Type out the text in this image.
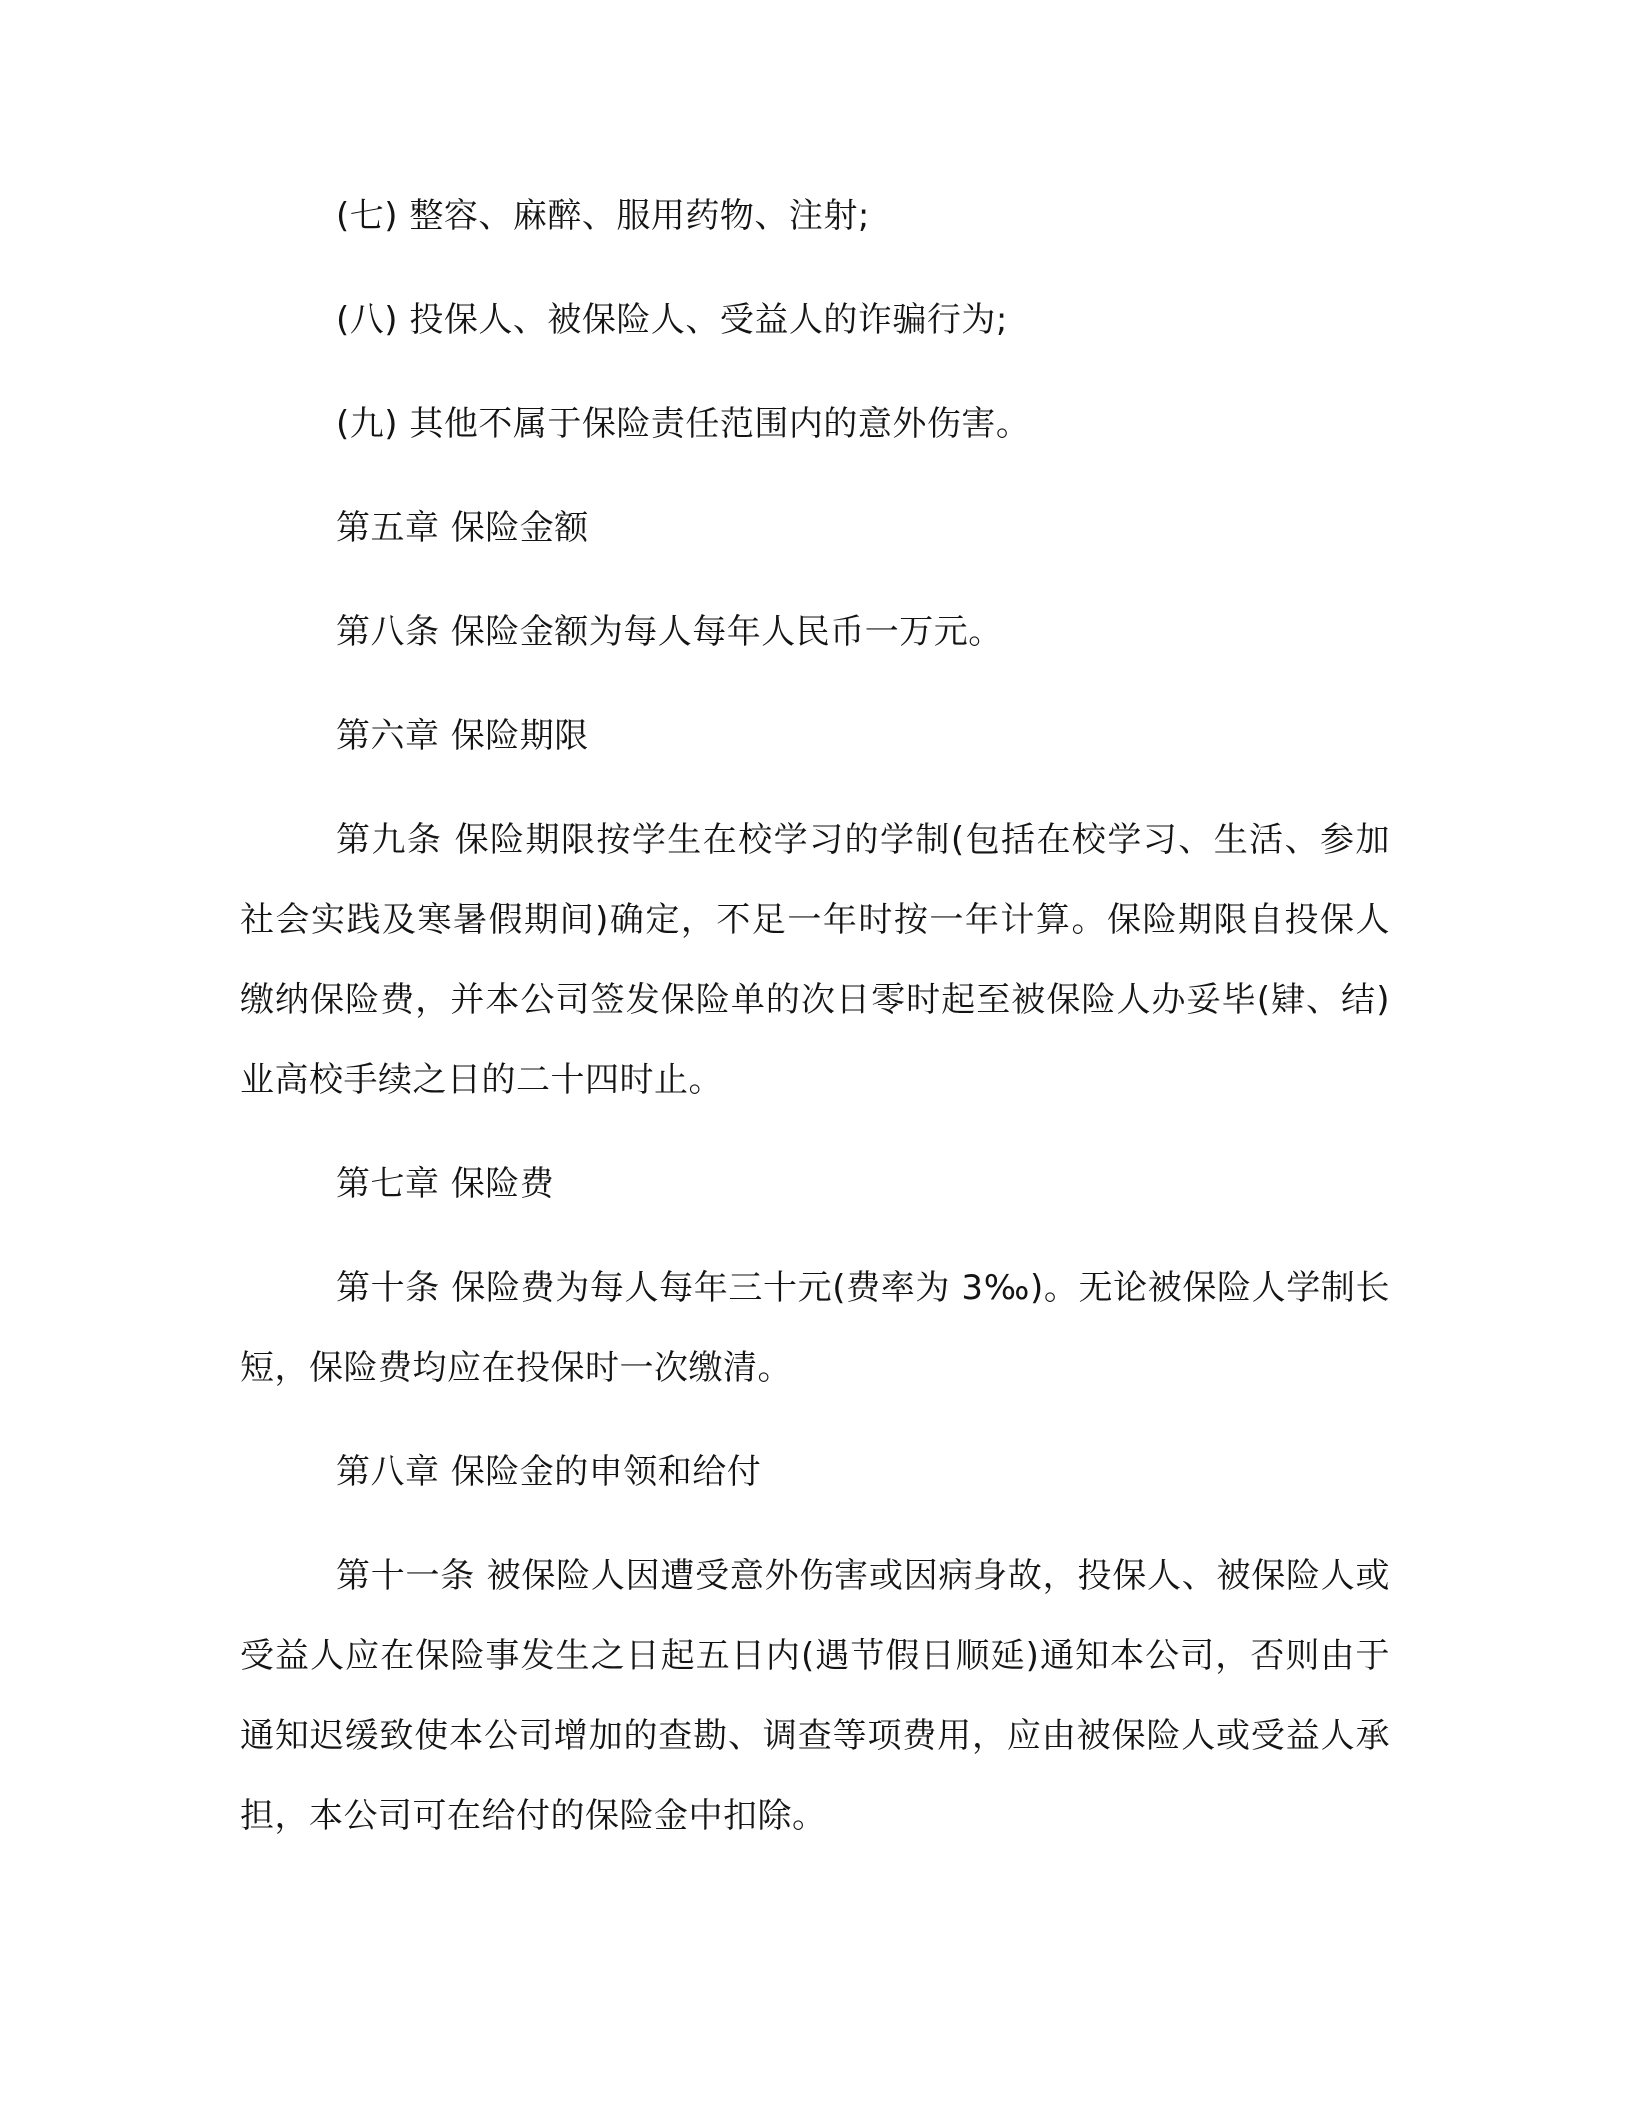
(七) 整容、麻醉、服用药物、注射;

(八) 投保人、被保险人、受益人的诈骗行为;

(九) 其他不属于保险责任范围内的意外伤害。

第五章 保险金额

第八条 保险金额为每人每年人民币一万元。

第六章 保险期限

第九条 保险期限按学生在校学习的学制(包括在校学习、生活、参加社会实践及寒暑假期间)确定，不足一年时按一年计算。保险期限自投保人缴纳保险费，并本公司签发保险单的次日零时起至被保险人办妥毕(肄、结)业高校手续之日的二十四时止。

第七章 保险费

第十条 保险费为每人每年三十元(费率为 3‰)。无论被保险人学制长短，保险费均应在投保时一次缴清。

第八章 保险金的申领和给付

第十一条 被保险人因遭受意外伤害或因病身故，投保人、被保险人或受益人应在保险事发生之日起五日内(遇节假日顺延)通知本公司，否则由于通知迟缓致使本公司增加的查勘、调查等项费用，应由被保险人或受益人承担，本公司可在给付的保险金中扣除。
